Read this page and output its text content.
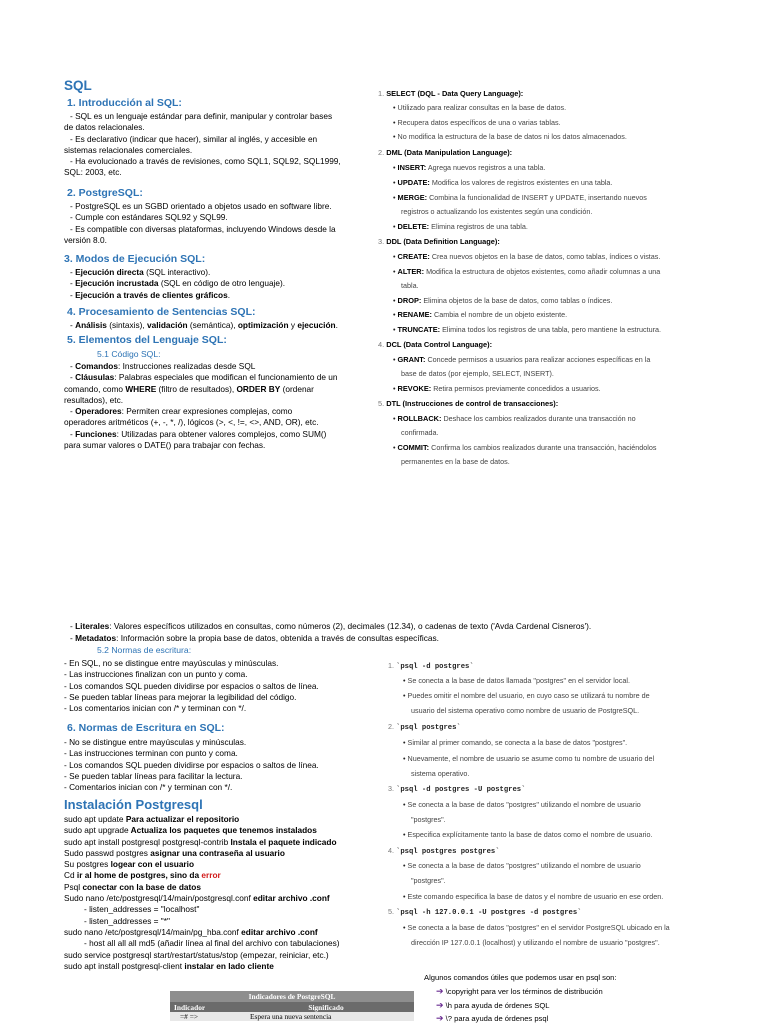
SQL
1. Introducción al SQL:
- SQL es un lenguaje estándar para definir, manipular y controlar bases
de datos relacionales.
- Es declarativo (indicar que hacer), similar al inglés, y accesible en
sistemas relacionales comerciales.
- Ha evolucionado a través de revisiones, como SQL1, SQL92, SQL1999,
SQL: 2003, etc.
2. PostgreSQL:
- PostgreSQL es un SGBD orientado a objetos usado en software libre.
- Cumple con estándares SQL92 y SQL99.
- Es compatible con diversas plataformas, incluyendo Windows desde la
versión 8.0.
3. Modos de Ejecución SQL:
- Ejecución directa (SQL interactivo).
- Ejecución incrustada (SQL en código de otro lenguaje).
- Ejecución a través de clientes gráficos.
4. Procesamiento de Sentencias SQL:
- Análisis (sintaxis), validación (semántica), optimización y ejecución.
5. Elementos del Lenguaje SQL:
5.1 Código SQL:
- Comandos: Instrucciones realizadas desde SQL
- Cláusulas: Palabras especiales que modifican el funcionamiento de un
comando, como WHERE (filtro de resultados), ORDER BY (ordenar
resultados), etc.
- Operadores: Permiten crear expresiones complejas, como
operadores aritméticos (+, -, *, /), lógicos (>, <, !=, <>, AND, OR), etc.
- Funciones: Utilizadas para obtener valores complejos, como SUM()
para sumar valores o DATE() para trabajar con fechas.
1. SELECT (DQL - Data Query Language):
• Utilizado para realizar consultas en la base de datos.
• Recupera datos específicos de una o varias tablas.
• No modifica la estructura de la base de datos ni los datos almacenados.
2. DML (Data Manipulation Language):
• INSERT: Agrega nuevos registros a una tabla.
• UPDATE: Modifica los valores de registros existentes en una tabla.
• MERGE: Combina la funcionalidad de INSERT y UPDATE, insertando nuevos
registros o actualizando los existentes según una condición.
• DELETE: Elimina registros de una tabla.
3. DDL (Data Definition Language):
• CREATE: Crea nuevos objetos en la base de datos, como tablas, índices o vistas.
• ALTER: Modifica la estructura de objetos existentes, como añadir columnas a una
tabla.
• DROP: Elimina objetos de la base de datos, como tablas o índices.
• RENAME: Cambia el nombre de un objeto existente.
• TRUNCATE: Elimina todos los registros de una tabla, pero mantiene la estructura.
4. DCL (Data Control Language):
• GRANT: Concede permisos a usuarios para realizar acciones específicas en la
base de datos (por ejemplo, SELECT, INSERT).
• REVOKE: Retira permisos previamente concedidos a usuarios.
5. DTL (Instrucciones de control de transacciones):
• ROLLBACK: Deshace los cambios realizados durante una transacción no
confirmada.
• COMMIT: Confirma los cambios realizados durante una transacción, haciéndolos
permanentes en la base de datos.
- Literales: Valores específicos utilizados en consultas, como números (2), decimales (12.34), o cadenas de texto ('Avda Cardenal Cisneros').
- Metadatos: Información sobre la propia base de datos, obtenida a través de consultas específicas.
5.2 Normas de escritura:
- En SQL, no se distingue entre mayúsculas y minúsculas.
- Las instrucciones finalizan con un punto y coma.
- Los comandos SQL pueden dividirse por espacios o saltos de línea.
- Se pueden tablar líneas para mejorar la legibilidad del código.
- Los comentarios inician con /* y terminan con */.
6. Normas de Escritura en SQL:
- No se distingue entre mayúsculas y minúsculas.
- Las instrucciones terminan con punto y coma.
- Los comandos SQL pueden dividirse por espacios o saltos de línea.
- Se pueden tablar líneas para facilitar la lectura.
- Comentarios inician con /* y terminan con */.
Instalación Postgresql
sudo apt update Para actualizar el repositorio
sudo apt upgrade Actualiza los paquetes que tenemos instalados
sudo apt install postgresql postgresql-contrib Instala el paquete indicado
Sudo passwd postgres asignar una contraseña al usuario
Su postgres logear con el usuario
Cd ir al home de postgres, sino da error
Psql conectar con la base de datos
Sudo nano /etc/postgresql/14/main/postgresql.conf editar archivo .conf
- listen_addresses = "localhost"
- listen_addresses = "*"
sudo nano /etc/postgresql/14/main/pg_hba.conf editar archivo .conf
- host all all all md5 (añadir línea al final del archivo con tabulaciones)
sudo service postgresql start/restart/status/stop (empezar, reiniciar, etc.)
sudo apt install postgresql-client instalar en lado cliente
Indicadores de PostgreSQL	
Indicador	Significado
=# =>	Espera una nueva sentencia
1. `psql -d postgres`
• Se conecta a la base de datos llamada "postgres" en el servidor local.
• Puedes omitir el nombre del usuario, en cuyo caso se utilizará tu nombre de
usuario del sistema operativo como nombre de usuario de PostgreSQL.
2. `psql postgres`
• Similar al primer comando, se conecta a la base de datos "postgres".
• Nuevamente, el nombre de usuario se asume como tu nombre de usuario del
sistema operativo.
3. `psql -d postgres -U postgres`
• Se conecta a la base de datos "postgres" utilizando el nombre de usuario
"postgres".
• Especifica explícitamente tanto la base de datos como el nombre de usuario.
4. `psql postgres postgres`
• Se conecta a la base de datos "postgres" utilizando el nombre de usuario
"postgres".
• Este comando especifica la base de datos y el nombre de usuario en ese orden.
5. `psql -h 127.0.0.1 -U postgres -d postgres`
• Se conecta a la base de datos "postgres" en el servidor PostgreSQL ubicado en la
dirección IP 127.0.0.1 (localhost) y utilizando el nombre de usuario "postgres".
Algunos comandos útiles que podemos usar en psql son:
➔ \copyright para ver los términos de distribución
➔ \h para ayuda de órdenes SQL
➔ \? para ayuda de órdenes psql
